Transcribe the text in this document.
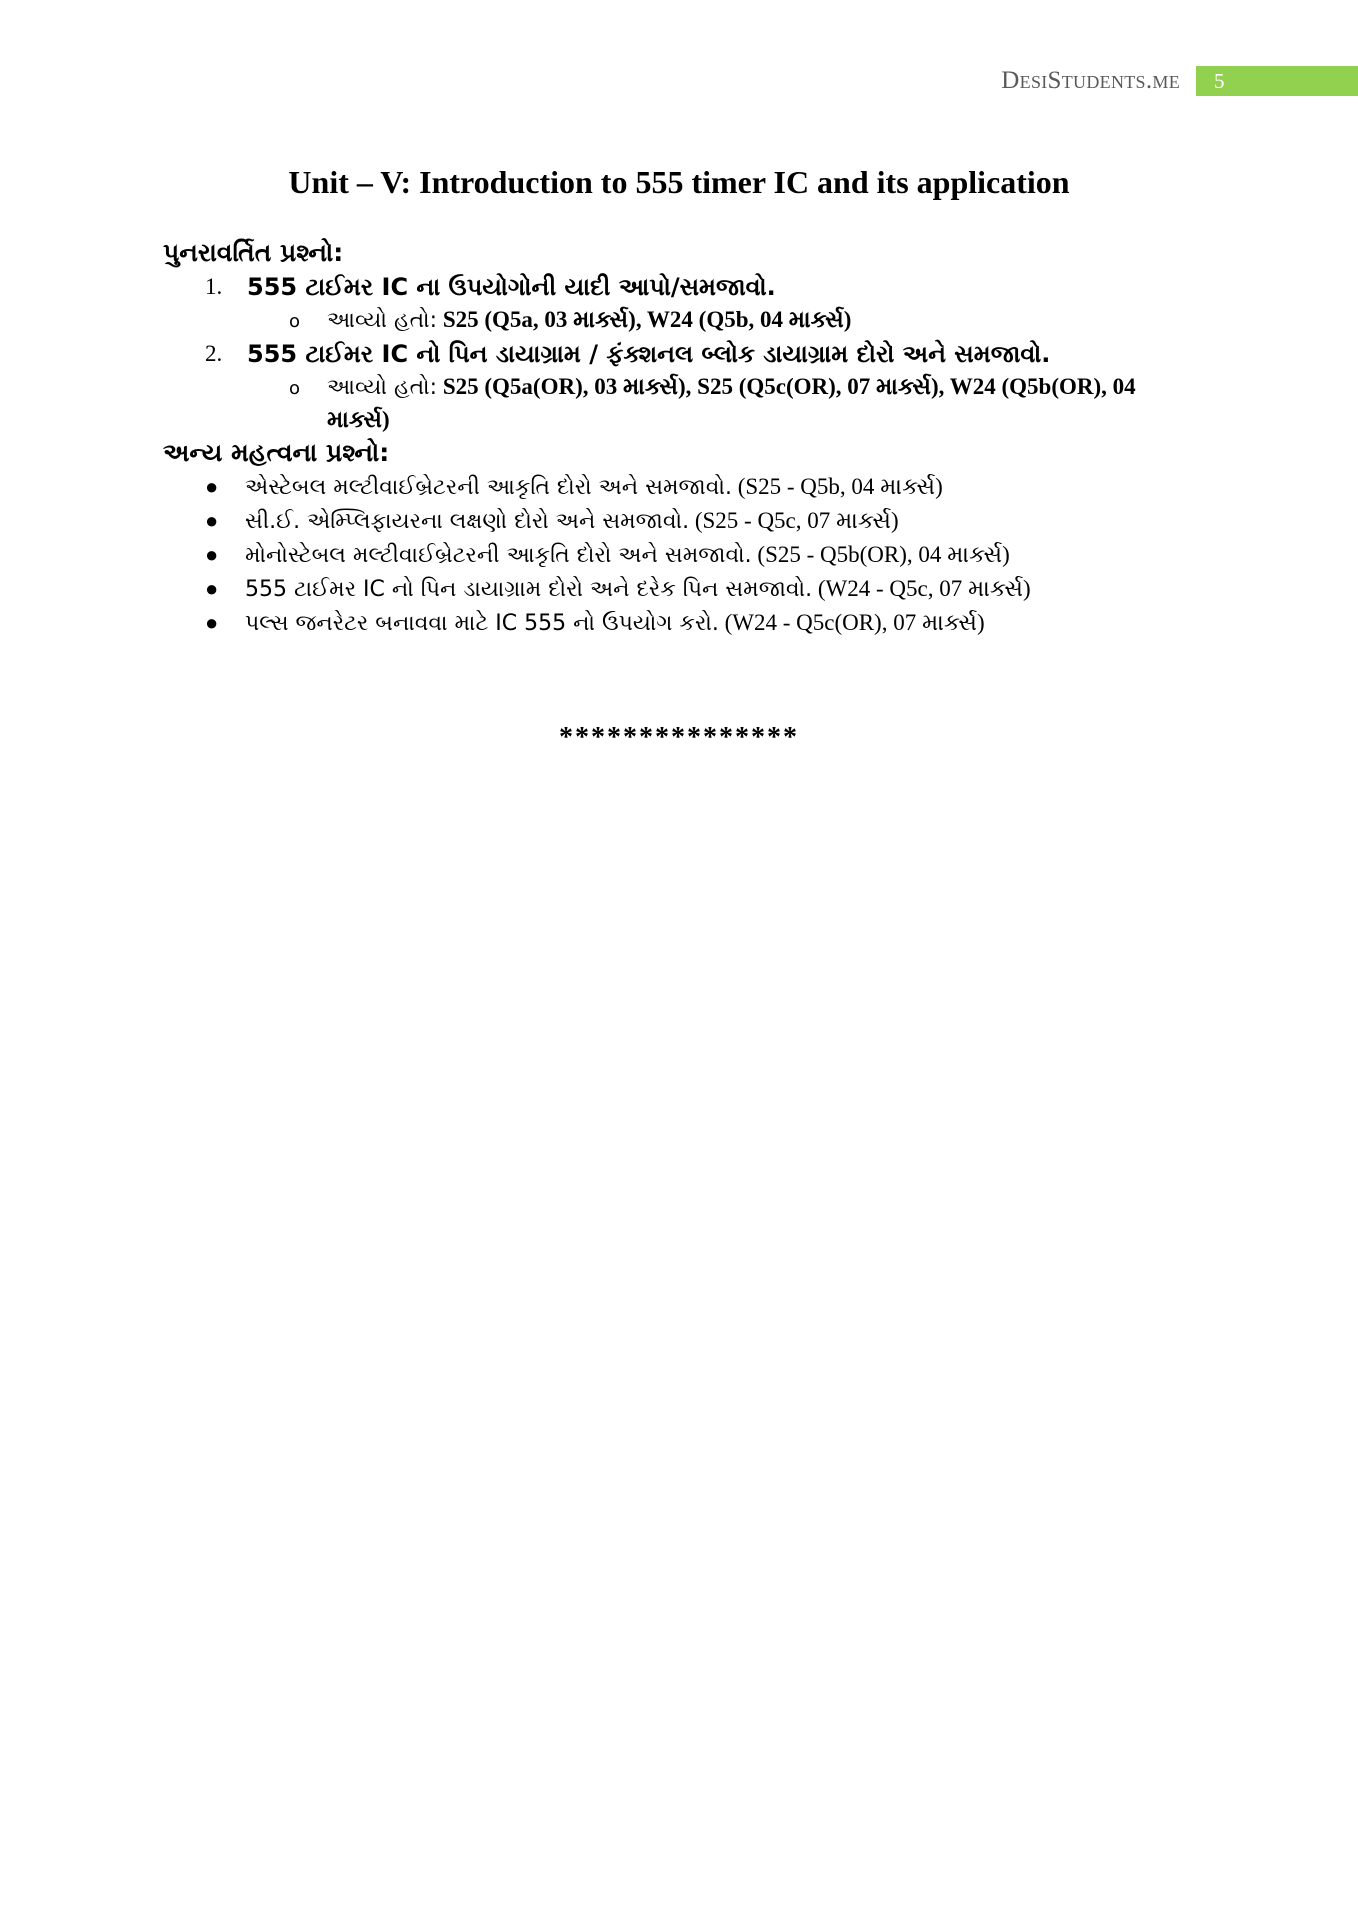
DesiStudents.me	5
Unit – V: Introduction to 555 timer IC and its application

પુનરાવર્તિત પ્રશ્નો:

1. 555 ટાઈમર IC ના ઉપયોગોની યાદી આપો/સમજાવો.
o આવ્યો હતો: S25 (Q5a, 03 માર્ક્સ), W24 (Q5b, 04 માર્ક્સ)
2. 555 ટાઈમર IC નો પિન ડાયાગ્રામ / ફંક્શનલ બ્લોક ડાયાગ્રામ દોરો અને સમજાવો.
o આવ્યો હતો: S25 (Q5a(OR), 03 માર્ક્સ), S25 (Q5c(OR), 07 માર્ક્સ), W24 (Q5b(OR), 04 માર્ક્સ)

અન્ય મહત્વના પ્રશ્નો:

● એસ્ટેબલ મલ્ટીવાઈબ્રેટરની આકૃતિ દોરો અને સમજાવો. (S25 - Q5b, 04 માર્ક્સ)
● સી.ઈ. એમ્પ્લિફાયરના લક્ષણો દોરો અને સમજાવો. (S25 - Q5c, 07 માર્ક્સ)
● મોનોસ્ટેબલ મલ્ટીવાઈબ્રેટરની આકૃતિ દોરો અને સમજાવો. (S25 - Q5b(OR), 04 માર્ક્સ)
● 555 ટાઈમર IC નો પિન ડાયાગ્રામ દોરો અને દરેક પિન સમજાવો. (W24 - Q5c, 07 માર્ક્સ)
● પલ્સ જનરેટર બનાવવા માટે IC 555 નો ઉપયોગ કરો. (W24 - Q5c(OR), 07 માર્ક્સ)
***************
